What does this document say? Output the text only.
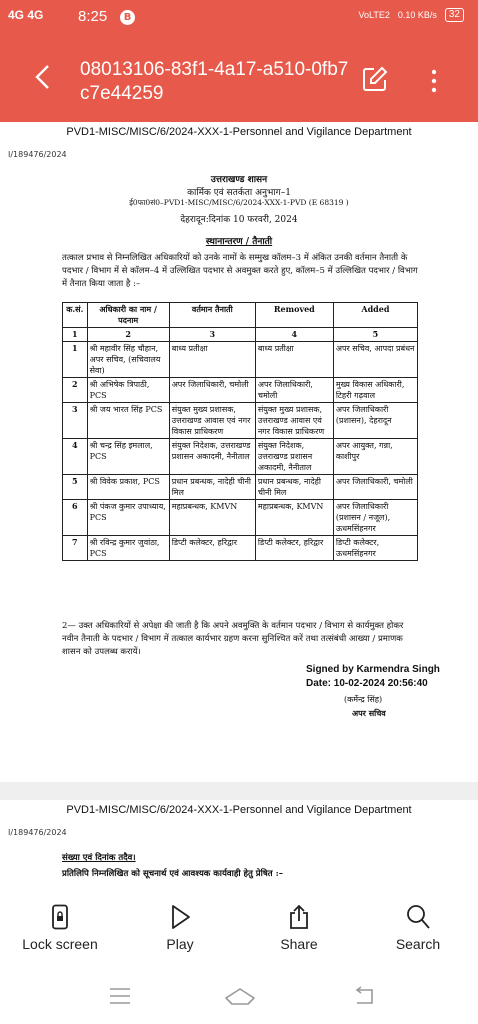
4G 4G 8:25	B	VoLTE2 0.10 KB/s	32
08013106-83f1-4a17-a510-0fb7c7e44259
PVD1-MISC/MISC/6/2024-XXX-1-Personnel and Vigilance Department
I/189476/2024
उत्तराखण्ड शासन
कार्मिक एवं सतर्कता अनुभाग–1
ई0फा0सं0–PVD1-MISC/MISC/6/2024-XXX-1-PVD (E 68319 )
देहरादून:दिनांक 10 फरवरी, 2024
स्थानान्तरण / तैनाती
तत्काल प्रभाव से निम्नलिखित अधिकारियों को उनके नामों के सम्मुख कॉलम–3 में अंकित उनकी वर्तमान तैनाती के पदभार / विभाग में से कॉलम–4 में उल्लिखित पदभार से अवमुक्त करते हुए, कॉलम–5 में उल्लिखित पदभार / विभाग में तैनात किया जाता है :–
क.सं.	अधिकारी का नाम / पदनाम	वर्तमान तैनाती	Removed	Added
1	2	3	4	5
1	श्री महावीर सिंह चौहान, अपर सचिव, (सचिवालय सेवा)	बाध्य प्रतीक्षा	बाध्य प्रतीक्षा	अपर सचिव, आपदा प्रबंधन
2	श्री अभिषेक त्रिपाठी, PCS	अपर जिलाधिकारी, चमोली	अपर जिलाधिकारी, चमोली	मुख्य विकास अधिकारी, टिहरी गढ़वाल
3	श्री जय भारत सिंह PCS	संयुक्त मुख्य प्रशासक, उत्तराखण्ड आवास एवं नगर विकास प्राधिकरण	संयुक्त मुख्य प्रशासक, उत्तराखण्ड आवास एवं नगर विकास प्राधिकरण	अपर जिलाधिकारी (प्रशासन), देहरादून
4	श्री चन्द्र सिंह इमलाल, PCS	संयुक्त निदेशक, उत्तराखण्ड प्रशासन अकादमी, नैनीताल	संयुक्त निदेशक, उत्तराखण्ड प्रशासन अकादमी, नैनीताल	अपर आयुक्त, गन्ना, काशीपुर
5	श्री विवेक प्रकाश, PCS	प्रधान प्रबन्धक, नादेही चीनी मिल	प्रधान प्रबन्धक, नादेही चीनी मिल	अपर जिलाधिकारी, चमोली
6	श्री पंकज कुमार उपाध्याय, PCS	महाप्रबन्धक, KMVN	महाप्रबन्धक, KMVN	अपर जिलाधिकारी (प्रशासन / नजूल), ऊधमसिंहनगर
7	श्री रविन्द्र कुमार जुवांठा, PCS	डिप्टी कलेक्टर, हरिद्वार	डिप्टी कलेक्टर, हरिद्वार	डिप्टी कलेक्टर, ऊधमसिंहनगर
2— उक्त अधिकारियों से अपेक्षा की जाती है कि अपने अवमुक्ति के वर्तमान पदभार / विभाग से कार्यमुक्त होकर नवीन तैनाती के पदभार / विभाग में तत्काल कार्यभार ग्रहण करना सुनिश्चित करें तथा तत्संबंधी आख्या / प्रमाणक शासन को उपलब्ध करायें।
Signed by Karmendra Singh
Date: 10-02-2024 20:56:40
(कर्मेन्द्र सिंह)
अपर सचिव
PVD1-MISC/MISC/6/2024-XXX-1-Personnel and Vigilance Department
I/189476/2024
संख्या एवं दिनांक तदैव।
प्रतिलिपि निम्नलिखित को सूचनार्थ एवं आवश्यक कार्यवाही हेतु प्रेषित :–
Lock screen	Play	Share	Search
